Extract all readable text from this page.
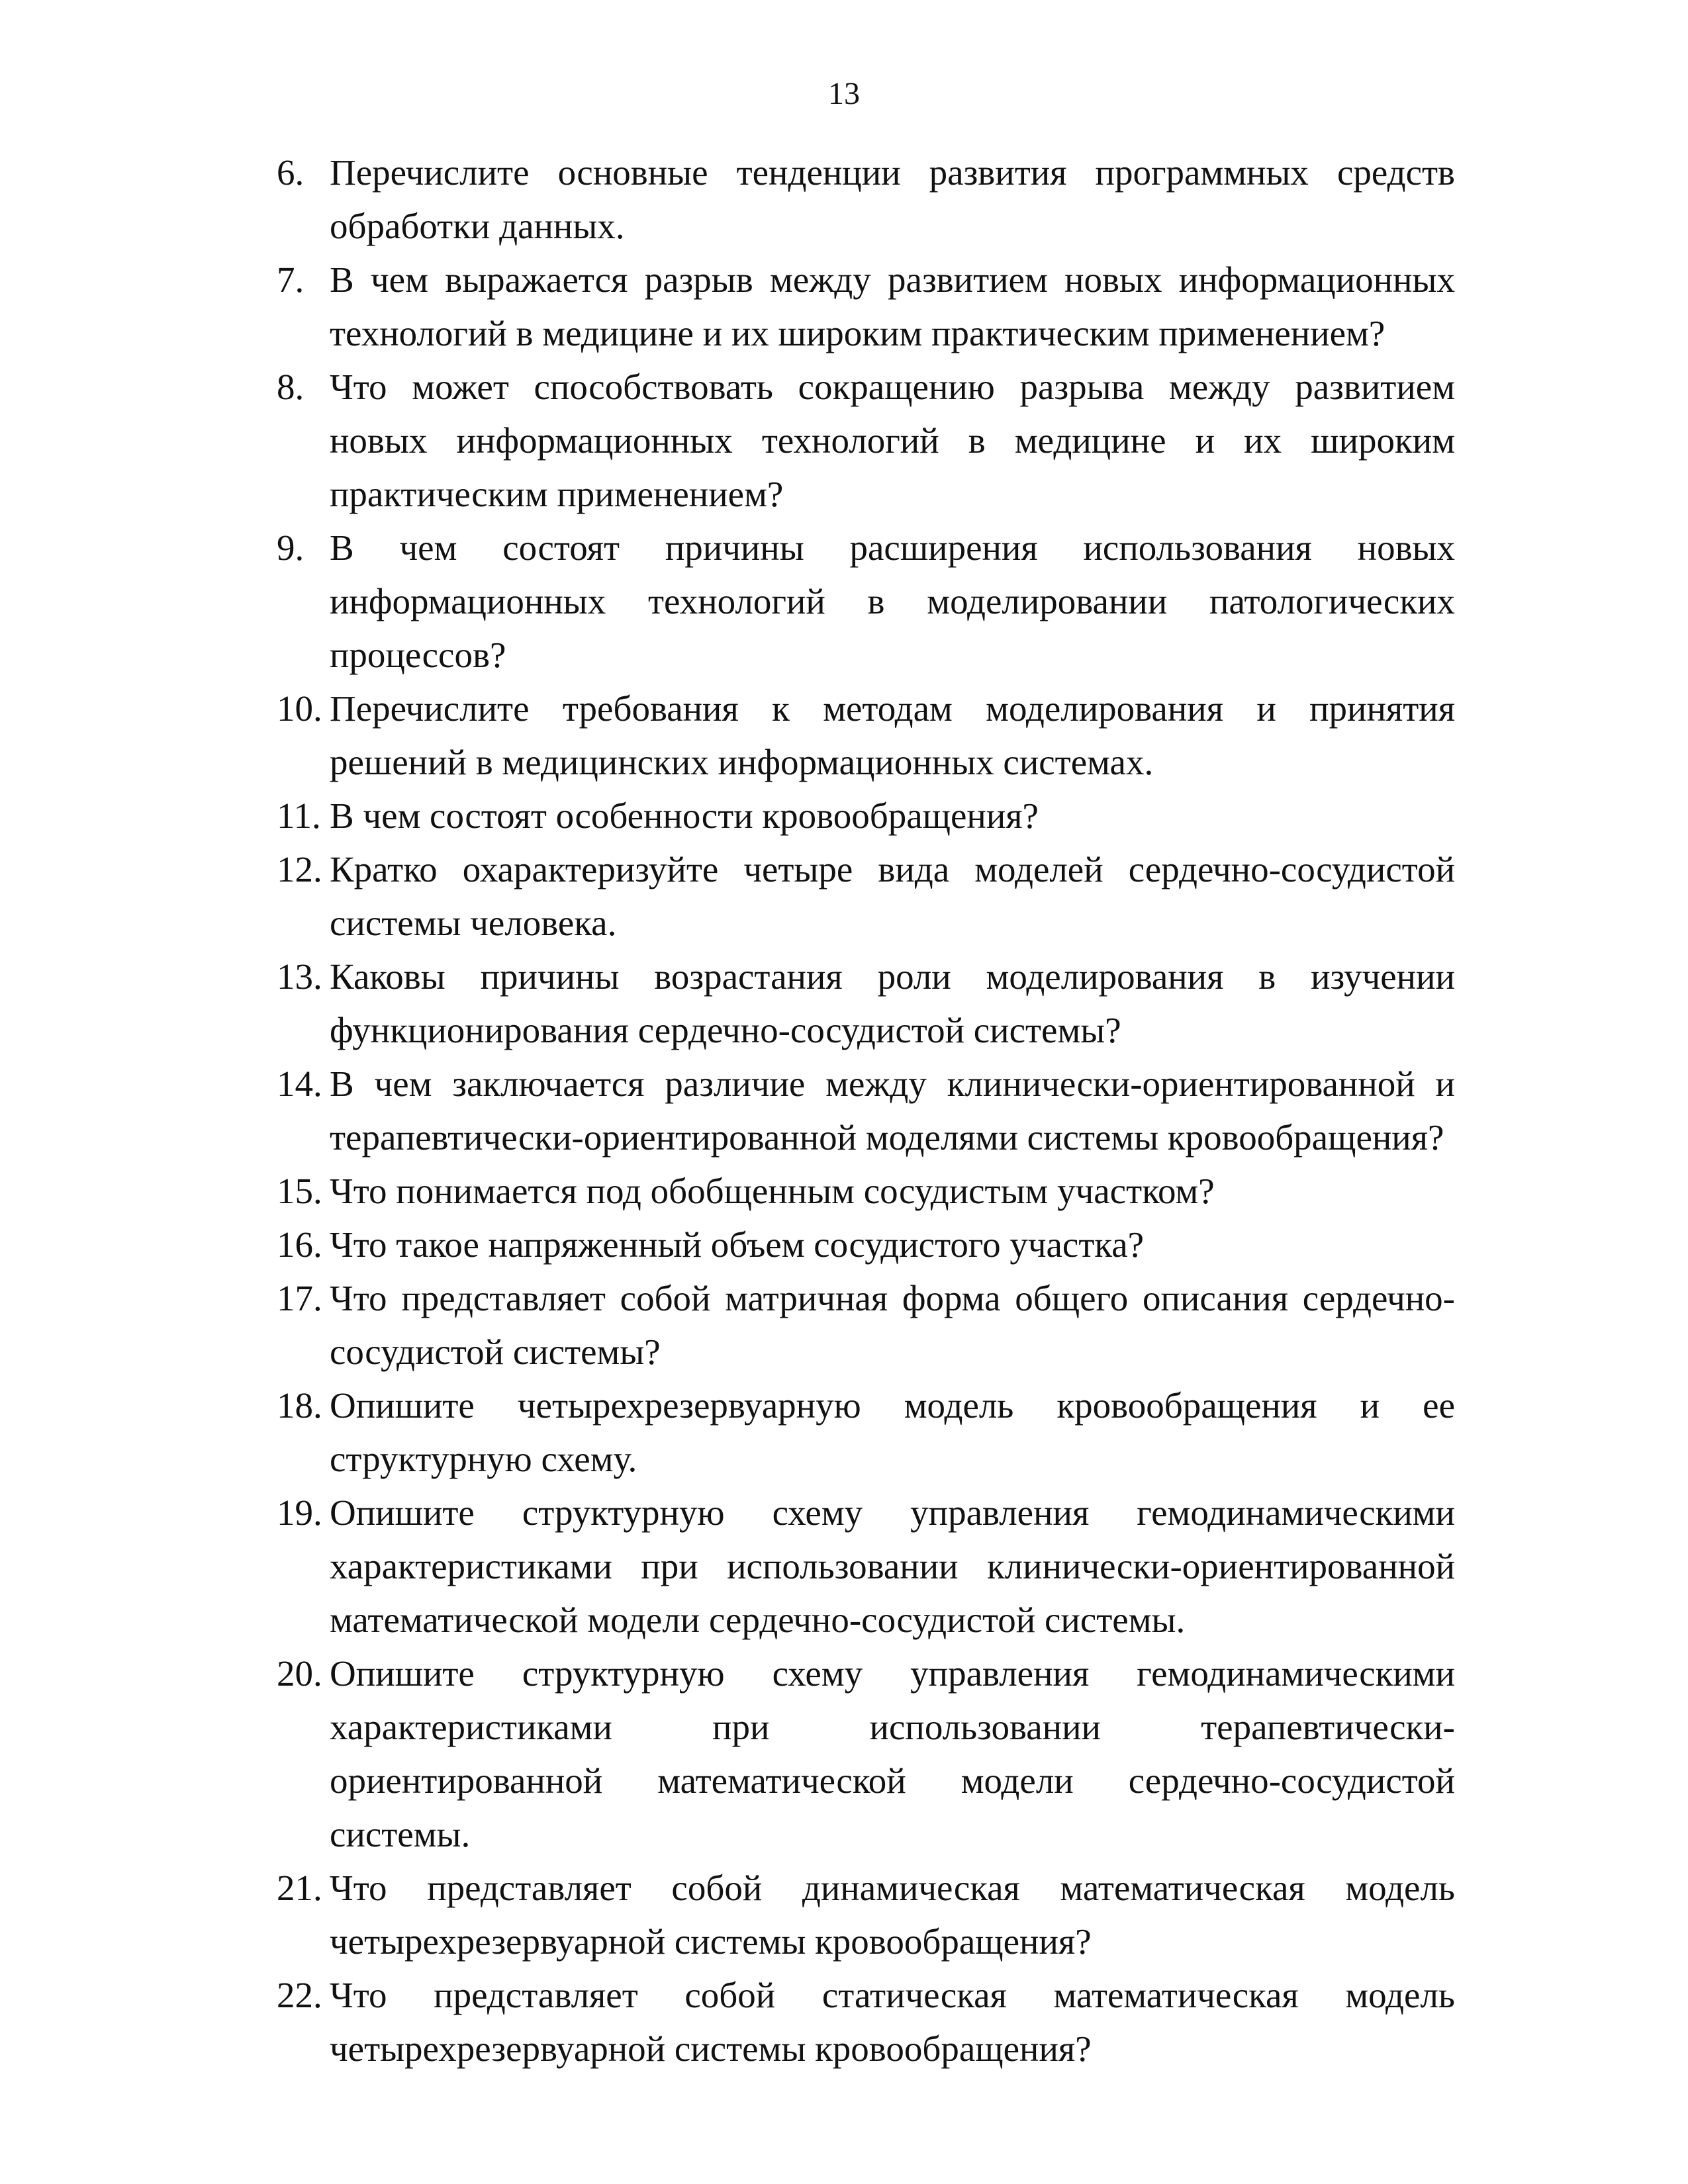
13
6. Перечислите основные тенденции развития программных средств обработки данных.
7. В чем выражается разрыв между развитием новых информационных технологий в медицине и их широким практическим применением?
8. Что может способствовать сокращению разрыва между развитием новых информационных технологий в медицине и их широким практическим применением?
9. В чем состоят причины расширения использования новых информационных технологий в моделировании патологических процессов?
10. Перечислите требования к методам моделирования и принятия решений в медицинских информационных системах.
11. В чем состоят особенности кровообращения?
12. Кратко охарактеризуйте четыре вида моделей сердечно-сосудистой системы человека.
13. Каковы причины возрастания роли моделирования в изучении функционирования сердечно-сосудистой системы?
14. В чем заключается различие между клинически-ориентированной и терапевтически-ориентированной моделями системы кровообращения?
15. Что понимается под обобщенным сосудистым участком?
16. Что такое напряженный объем сосудистого участка?
17. Что представляет собой матричная форма общего описания сердечно-сосудистой системы?
18. Опишите четырехрезервуарную модель кровообращения и ее структурную схему.
19. Опишите структурную схему управления гемодинамическими характеристиками при использовании клинически-ориентированной математической модели сердечно-сосудистой системы.
20. Опишите структурную схему управления гемодинамическими характеристиками при использовании терапевтически-ориентированной математической модели сердечно-сосудистой системы.
21. Что представляет собой динамическая математическая модель четырехрезервуарной системы кровообращения?
22. Что представляет собой статическая математическая модель четырехрезервуарной системы кровообращения?
